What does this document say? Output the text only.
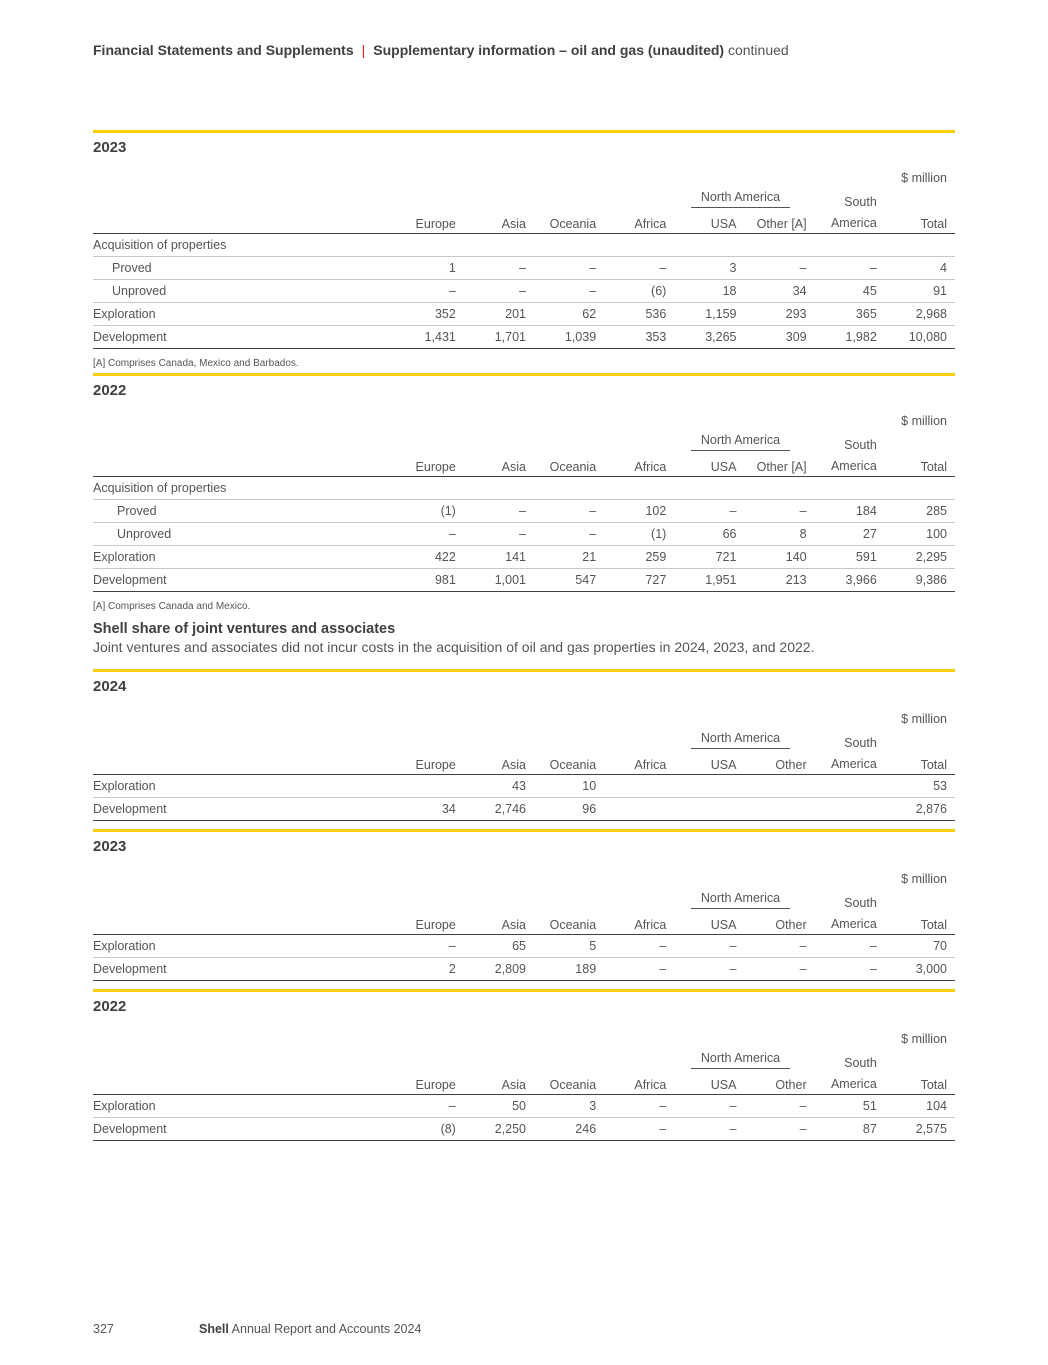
Financial Statements and Supplements | Supplementary information – oil and gas (unaudited) continued
2023
								$ million
					North America		South	
	Europe	Asia	Oceania	Africa	USA	Other [A]	America	Total
Acquisition of properties								
Proved	1	–	–	–	3	–	–	4
Unproved	–	–	–	(6)	18	34	45	91
Exploration	352	201	62	536	1,159	293	365	2,968
Development	1,431	1,701	1,039	353	3,265	309	1,982	10,080
[A] Comprises Canada, Mexico and Barbados.
2022
								$ million
					North America		South	
	Europe	Asia	Oceania	Africa	USA	Other [A]	America	Total
Acquisition of properties								
Proved	(1)	–	–	102	–	–	184	285
Unproved	–	–	–	(1)	66	8	27	100
Exploration	422	141	21	259	721	140	591	2,295
Development	981	1,001	547	727	1,951	213	3,966	9,386
[A] Comprises Canada and Mexico.
Shell share of joint ventures and associates
Joint ventures and associates did not incur costs in the acquisition of oil and gas properties in 2024, 2023, and 2022.
2024
								$ million
					North America		South	
	Europe	Asia	Oceania	Africa	USA	Other	America	Total
Exploration		43	10					53
Development	34	2,746	96					2,876
2023
								$ million
					North America		South	
	Europe	Asia	Oceania	Africa	USA	Other	America	Total
Exploration	–	65	5	–	–	–	–	70
Development	2	2,809	189	–	–	–	–	3,000
2022
								$ million
					North America		South	
	Europe	Asia	Oceania	Africa	USA	Other	America	Total
Exploration	–	50	3	–	–	–	51	104
Development	(8)	2,250	246	–	–	–	87	2,575
327	Shell Annual Report and Accounts 2024
